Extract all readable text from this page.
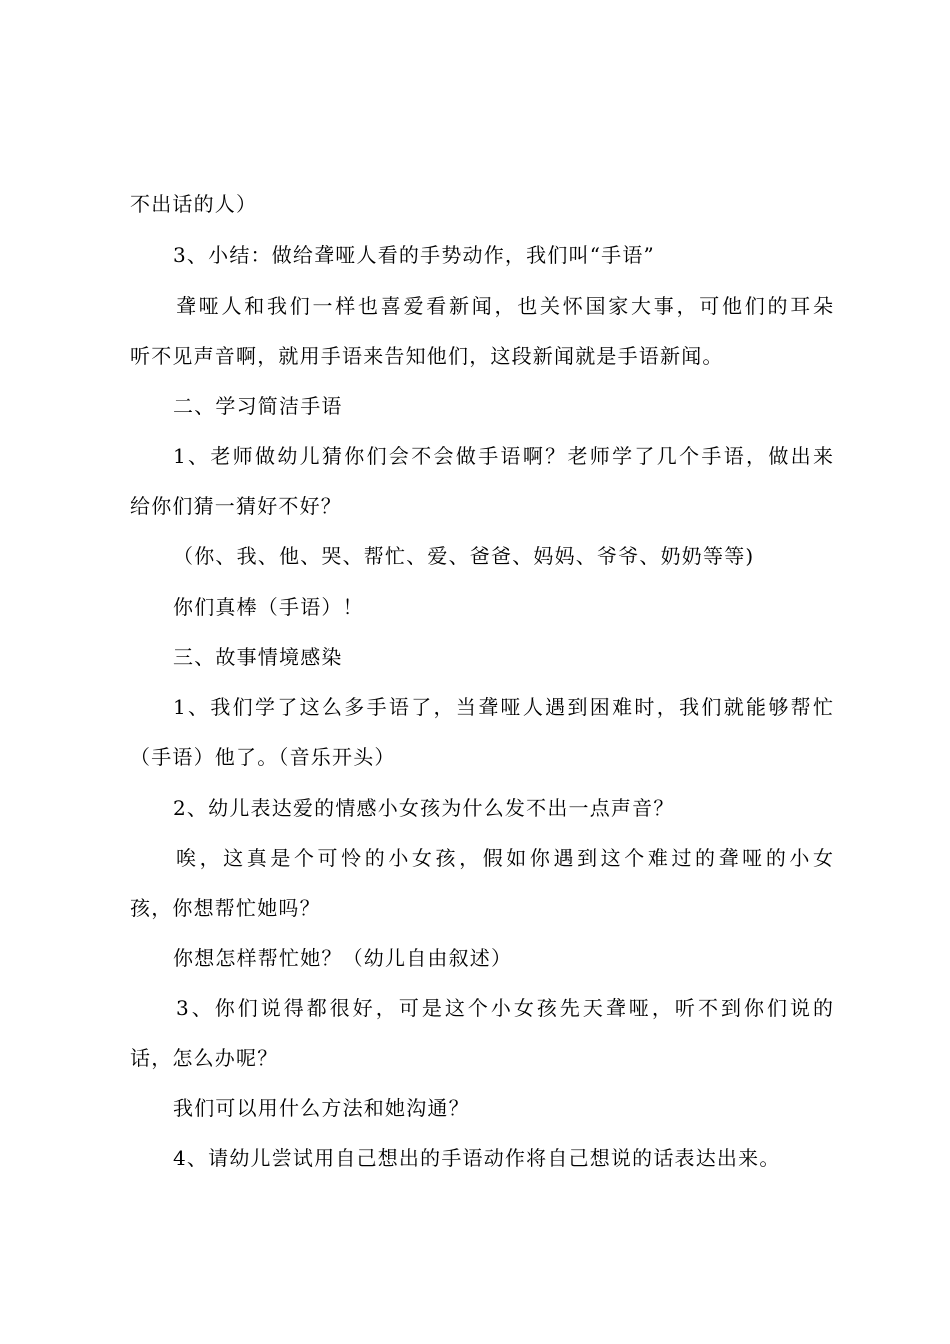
不出话的人）
3、小结：做给聋哑人看的手势动作，我们叫“手语”
聋哑人和我们一样也喜爱看新闻，也关怀国家大事，可他们的耳朵
听不见声音啊，就用手语来告知他们，这段新闻就是手语新闻。
二、学习简洁手语
1、老师做幼儿猜你们会不会做手语啊？老师学了几个手语，做出来
给你们猜一猜好不好？
（你、我、他、哭、帮忙、爱、爸爸、妈妈、爷爷、奶奶等等)
你们真棒（手语）！
三、故事情境感染
1、我们学了这么多手语了，当聋哑人遇到困难时，我们就能够帮忙
（手语）他了。（音乐开头）
2、幼儿表达爱的情感小女孩为什么发不出一点声音？
唉，这真是个可怜的小女孩，假如你遇到这个难过的聋哑的小女
孩，你想帮忙她吗？
你想怎样帮忙她？（幼儿自由叙述）
3、你们说得都很好，可是这个小女孩先天聋哑，听不到你们说的
话，怎么办呢？
我们可以用什么方法和她沟通？
4、请幼儿尝试用自己想出的手语动作将自己想说的话表达出来。
